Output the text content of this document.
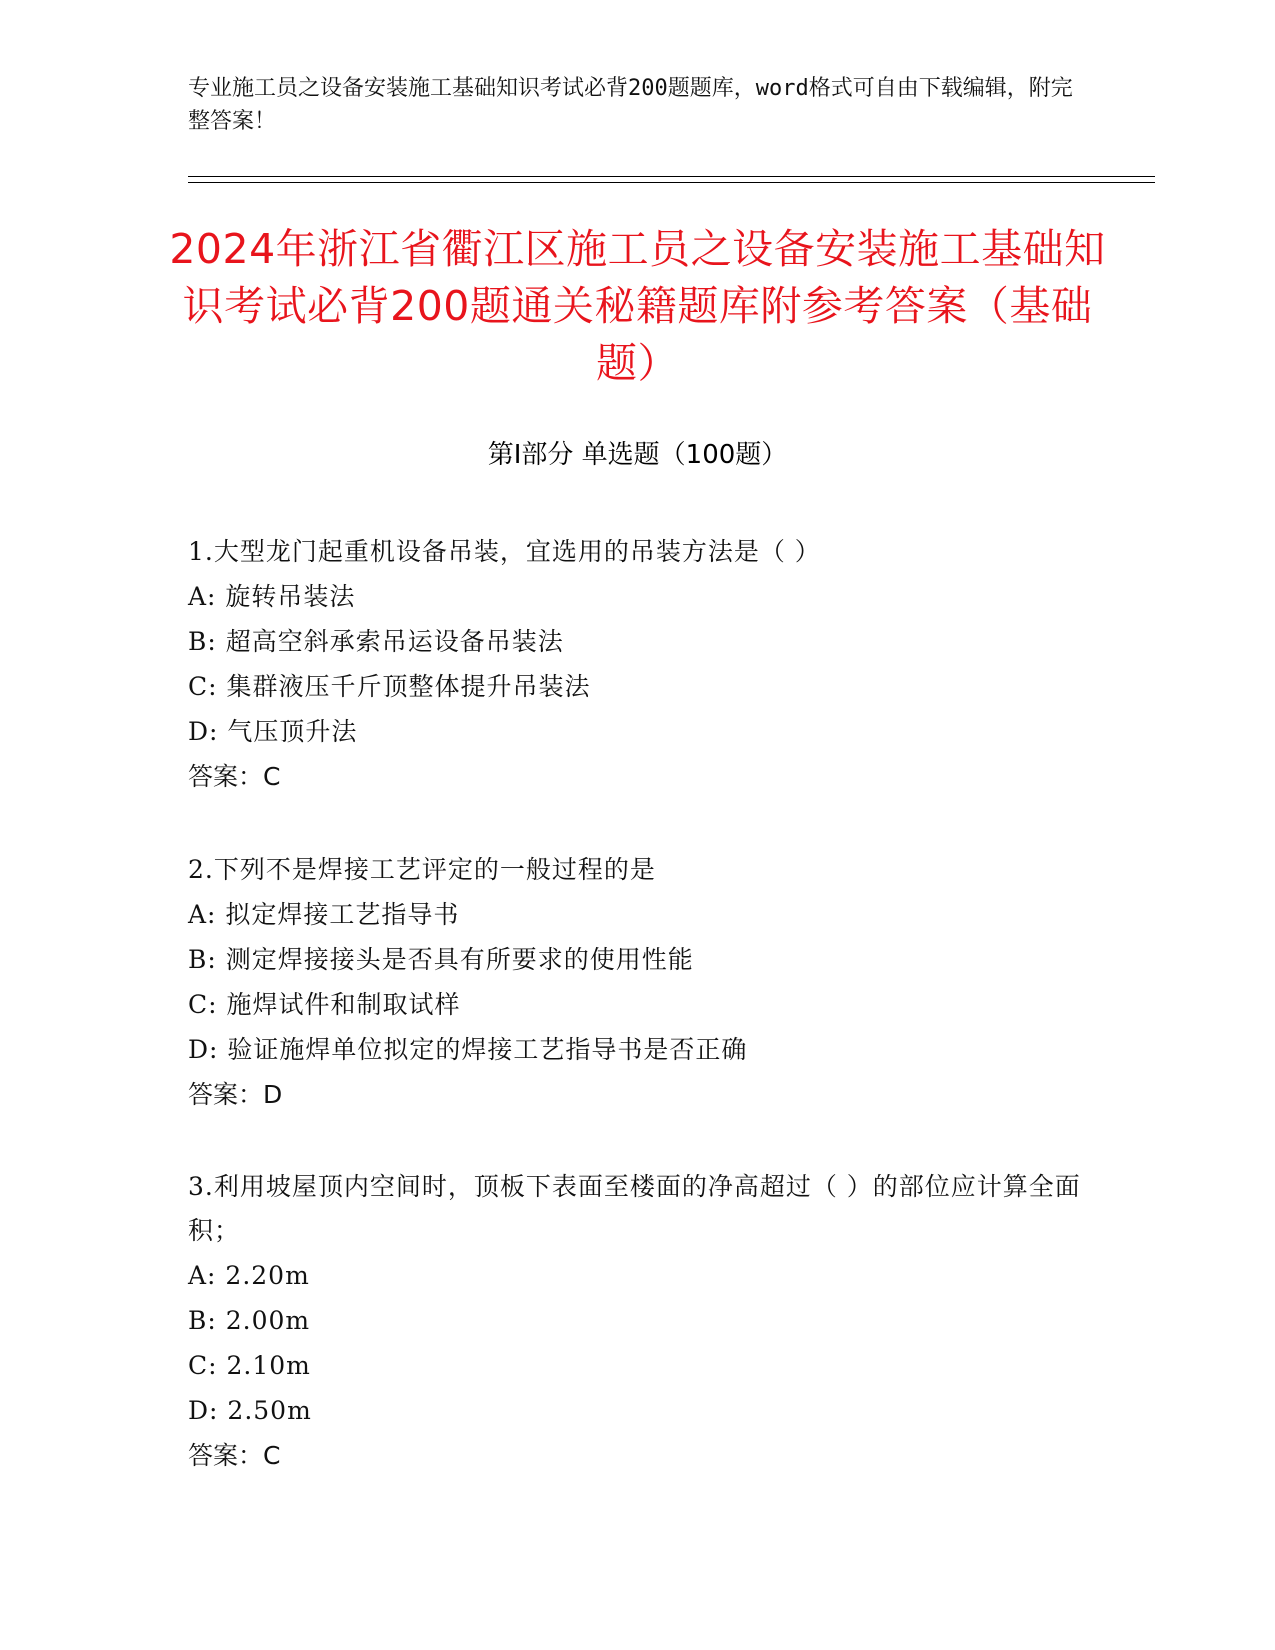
专业施工员之设备安装施工基础知识考试必背200题题库，word格式可自由下载编辑，附完整答案！
2024年浙江省衢江区施工员之设备安装施工基础知识考试必背200题通关秘籍题库附参考答案（基础题）
第Ⅰ部分 单选题（100题）
1.大型龙门起重机设备吊装，宜选用的吊装方法是（ ）
A: 旋转吊装法
B: 超高空斜承索吊运设备吊装法
C: 集群液压千斤顶整体提升吊装法
D: 气压顶升法
答案：C
2.下列不是焊接工艺评定的一般过程的是
A: 拟定焊接工艺指导书
B: 测定焊接接头是否具有所要求的使用性能
C: 施焊试件和制取试样
D: 验证施焊单位拟定的焊接工艺指导书是否正确
答案：D
3.利用坡屋顶内空间时，顶板下表面至楼面的净高超过（ ）的部位应计算全面积；
A: 2.20m
B: 2.00m
C: 2.10m
D: 2.50m
答案：C
